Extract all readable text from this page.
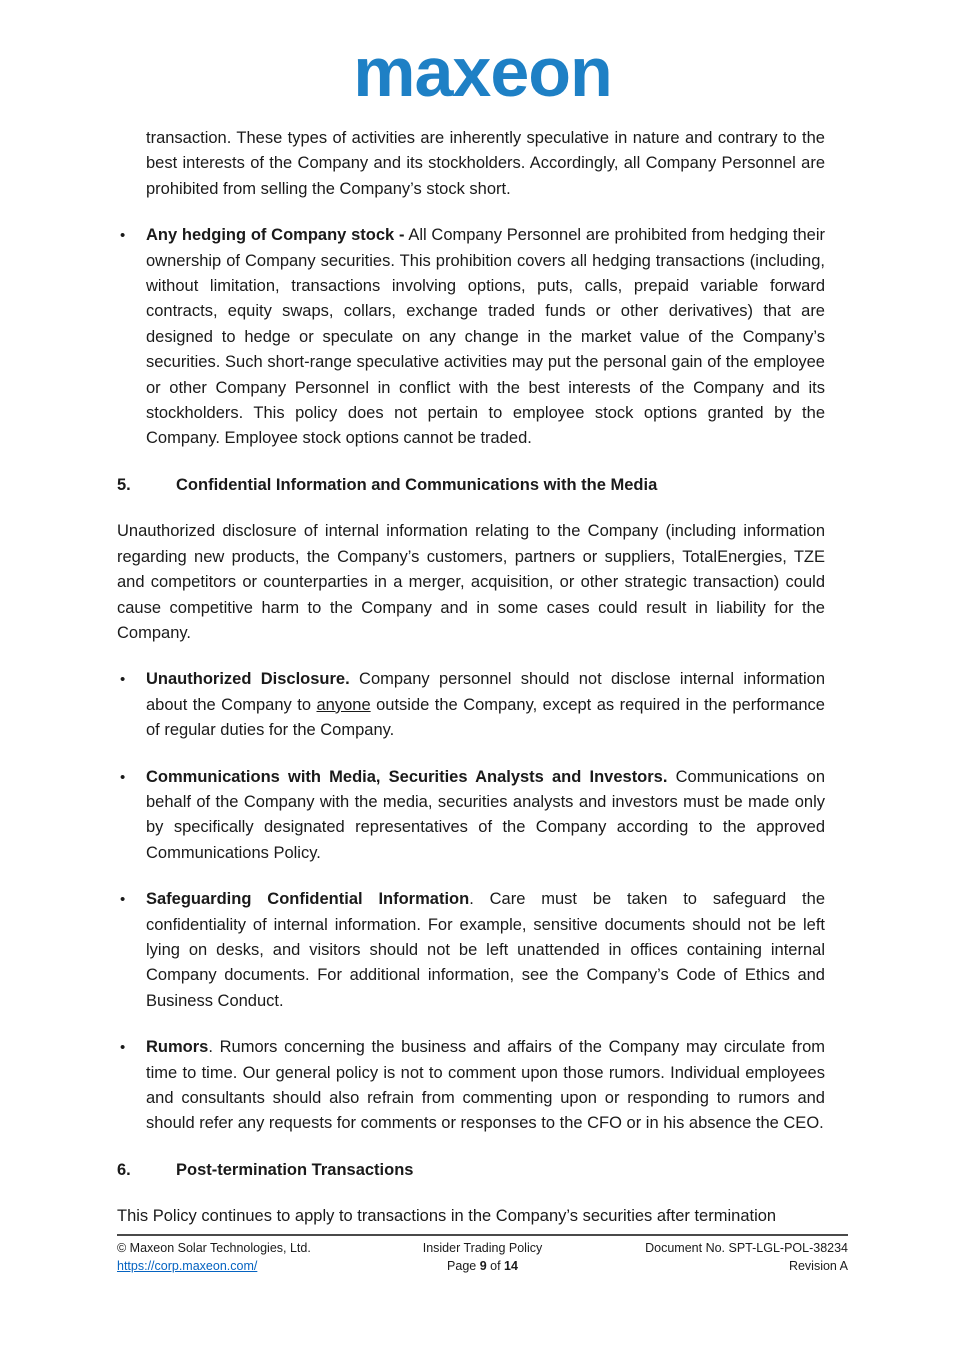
maxeon

transaction. These types of activities are inherently speculative in nature and contrary to the best interests of the Company and its stockholders. Accordingly, all Company Personnel are prohibited from selling the Company’s stock short.

•	Any hedging of Company stock - All Company Personnel are prohibited from hedging their ownership of Company securities. This prohibition covers all hedging transactions (including, without limitation, transactions involving options, puts, calls, prepaid variable forward contracts, equity swaps, collars, exchange traded funds or other derivatives) that are designed to hedge or speculate on any change in the market value of the Company’s securities. Such short-range speculative activities may put the personal gain of the employee or other Company Personnel in conflict with the best interests of the Company and its stockholders. This policy does not pertain to employee stock options granted by the Company. Employee stock options cannot be traded.
5.	Confidential Information and Communications with the Media

Unauthorized disclosure of internal information relating to the Company (including information regarding new products, the Company’s customers, partners or suppliers, TotalEnergies, TZE and competitors or counterparties in a merger, acquisition, or other strategic transaction) could cause competitive harm to the Company and in some cases could result in liability for the Company.

•	Unauthorized Disclosure. Company personnel should not disclose internal information about the Company to anyone outside the Company, except as required in the performance of regular duties for the Company.
•	Communications with Media, Securities Analysts and Investors. Communications on behalf of the Company with the media, securities analysts and investors must be made only by specifically designated representatives of the Company according to the approved Communications Policy.
•	Safeguarding Confidential Information. Care must be taken to safeguard the confidentiality of internal information. For example, sensitive documents should not be left lying on desks, and visitors should not be left unattended in offices containing internal Company documents. For additional information, see the Company’s Code of Ethics and Business Conduct.
•	Rumors. Rumors concerning the business and affairs of the Company may circulate from time to time. Our general policy is not to comment upon those rumors. Individual employees and consultants should also refrain from commenting upon or responding to rumors and should refer any requests for comments or responses to the CFO or in his absence the CEO.
6.	Post-termination Transactions

This Policy continues to apply to transactions in the Company’s securities after termination

© Maxeon Solar Technologies, Ltd.
https://corp.maxeon.com/
Insider Trading Policy
Page 9 of 14
Document No. SPT-LGL-POL-38234
Revision A
